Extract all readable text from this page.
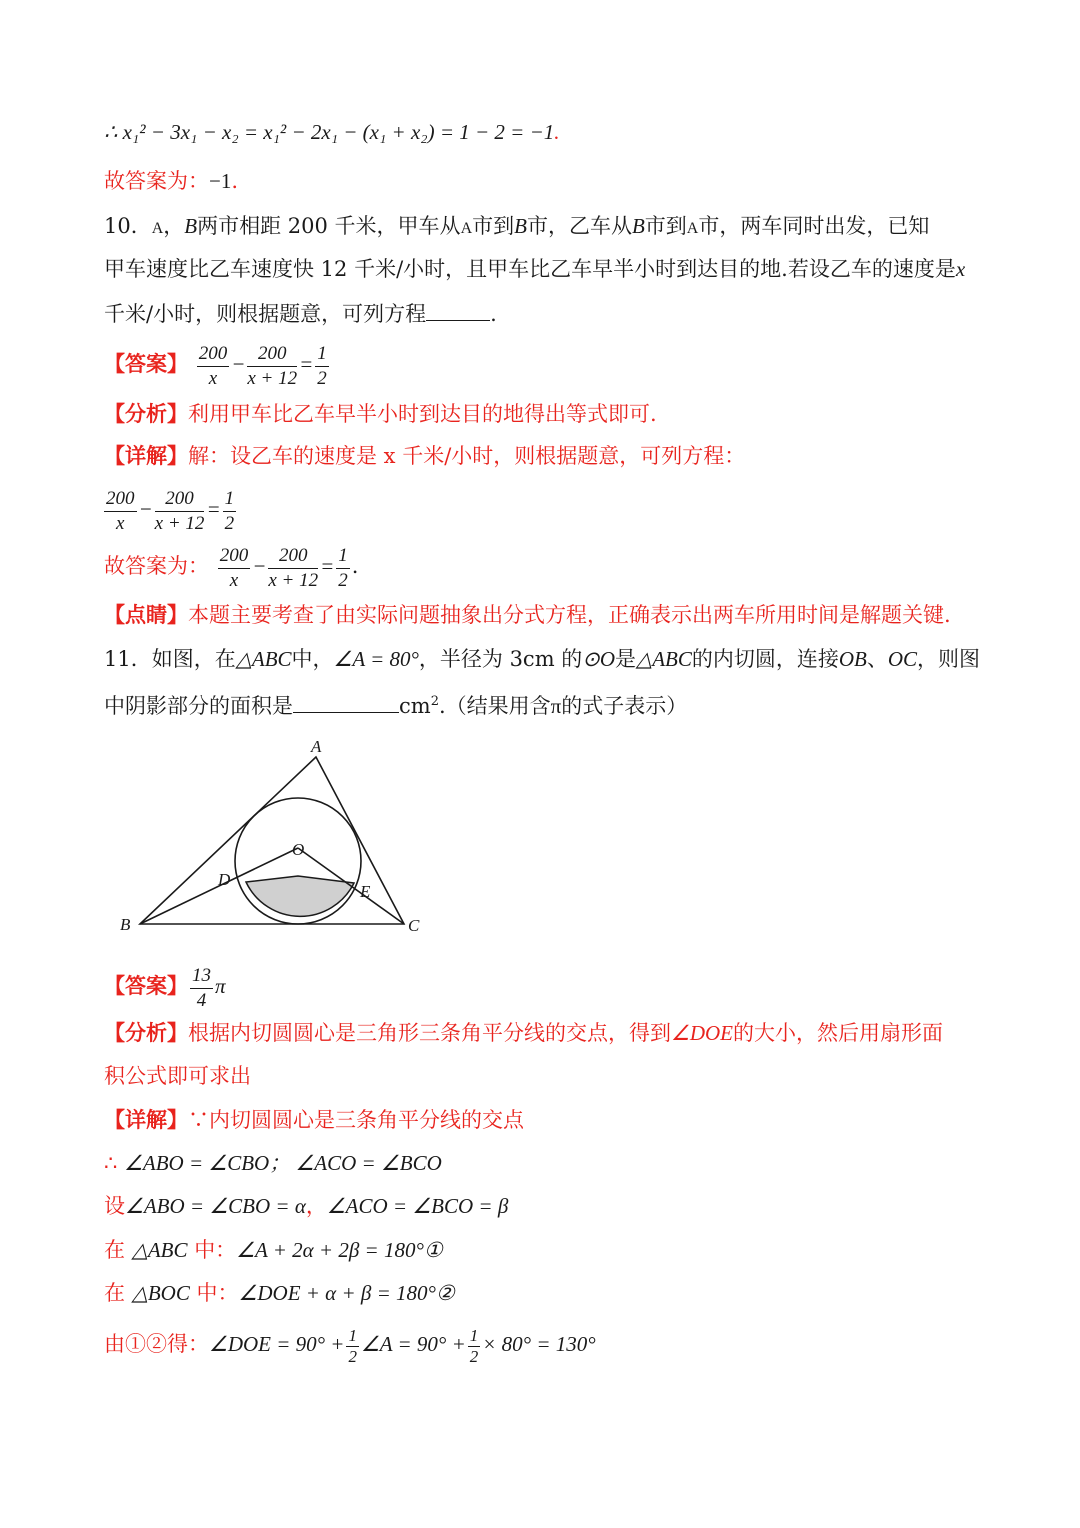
∴ x₁² − 3x₁ − x₂ = x₁² − 2x₁ − (x₁ + x₂) = 1 − 2 = −1.
故答案为：−1.
10．A，B两市相距 200 千米，甲车从A市到B市，乙车从B市到A市，两车同时出发，已知
甲车速度比乙车速度快 12 千米/小时，且甲车比乙车早半小时到达目的地.若设乙车的速度是x
千米/小时，则根据题意，可列方程	.
【答案】 $\frac{200}{x} - \frac{200}{x + 12} = \frac{1}{2}$
【分析】利用甲车比乙车早半小时到达目的地得出等式即可.
【详解】解：设乙车的速度是 x 千米/小时，则根据题意，可列方程：
$\frac{200}{x} - \frac{200}{x + 12} = \frac{1}{2}$
故答案为： $\frac{200}{x} - \frac{200}{x + 12} = \frac{1}{2}$ .
【点睛】本题主要考查了由实际问题抽象出分式方程，正确表示出两车所用时间是解题关键.
11．如图，在△ABC中，∠A = 80°，半径为 3cm 的⊙O是△ABC的内切圆，连接OB、OC，则图
中阴影部分的面积是	$cm^2$.（结果用含π的式子表示）
A
B	C
O
D
E
【答案】 $\frac{13}{4}$ π
【分析】根据内切圆圆心是三角形三条角平分线的交点，得到∠DOE的大小，然后用扇形面
积公式即可求出
【详解】∵内切圆圆心是三条角平分线的交点
∴ ∠ABO = ∠CBO； ∠ACO = ∠BCO
设∠ABO = ∠CBO = α，∠ACO = ∠BCO = β
在 △ABC 中：∠A + 2α + 2β = 180°①
在 △BOC 中：∠DOE + α + β = 180°②
由①②得：∠DOE = $90^\circ + \frac{1}{2}$ ∠A = $90^\circ + \frac{1}{2} \times 80^\circ = 130^\circ$
